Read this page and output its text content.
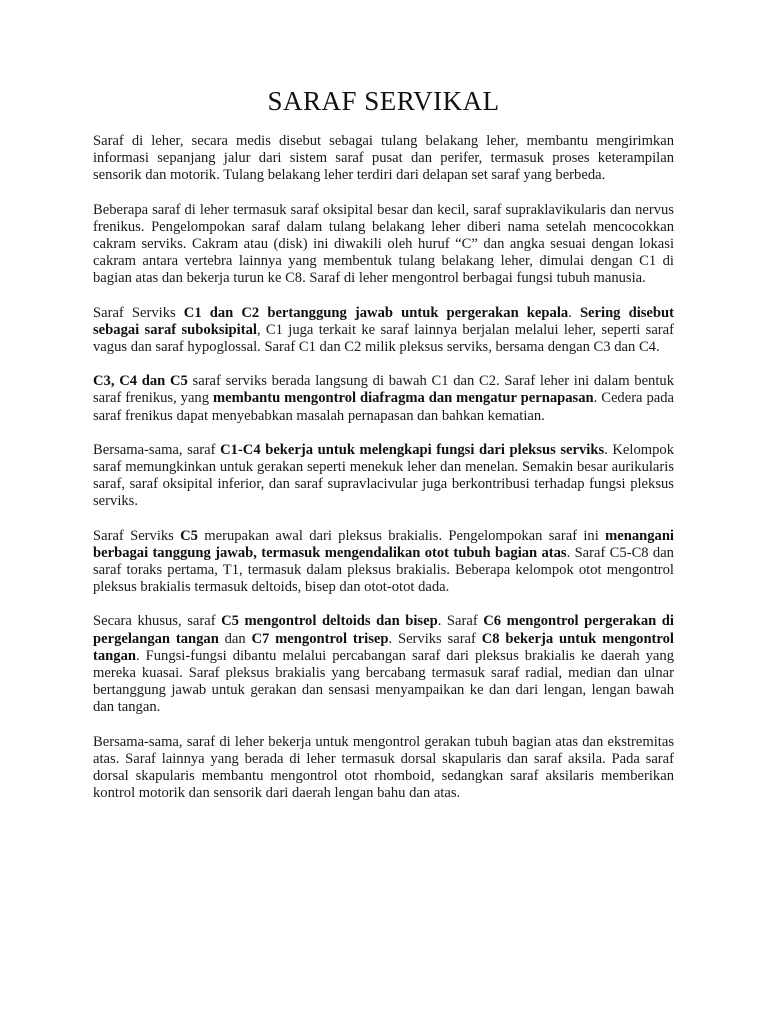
SARAF SERVIKAL

Saraf di leher, secara medis disebut sebagai tulang belakang leher, membantu mengirimkan informasi sepanjang jalur dari sistem saraf pusat dan perifer, termasuk proses keterampilan sensorik dan motorik. Tulang belakang leher terdiri dari delapan set saraf yang berbeda.

Beberapa saraf di leher termasuk saraf oksipital besar dan kecil, saraf supraklavikularis dan nervus frenikus. Pengelompokan saraf dalam tulang belakang leher diberi nama setelah mencocokkan cakram serviks. Cakram atau (disk) ini diwakili oleh huruf “C” dan angka sesuai dengan lokasi cakram antara vertebra lainnya yang membentuk tulang belakang leher, dimulai dengan C1 di bagian atas dan bekerja turun ke C8. Saraf di leher mengontrol berbagai fungsi tubuh manusia.

Saraf Serviks C1 dan C2 bertanggung jawab untuk pergerakan kepala. Sering disebut sebagai saraf suboksipital, C1 juga terkait ke saraf lainnya berjalan melalui leher, seperti saraf vagus dan saraf hypoglossal. Saraf C1 dan C2 milik pleksus serviks, bersama dengan C3 dan C4.

C3, C4 dan C5 saraf serviks berada langsung di bawah C1 dan C2. Saraf leher ini dalam bentuk saraf frenikus, yang membantu mengontrol diafragma dan mengatur pernapasan. Cedera pada saraf frenikus dapat menyebabkan masalah pernapasan dan bahkan kematian.

Bersama-sama, saraf C1-C4 bekerja untuk melengkapi fungsi dari pleksus serviks. Kelompok saraf memungkinkan untuk gerakan seperti menekuk leher dan menelan. Semakin besar aurikularis saraf, saraf oksipital inferior, dan saraf supravlacivular juga berkontribusi terhadap fungsi pleksus serviks.

Saraf Serviks C5 merupakan awal dari pleksus brakialis. Pengelompokan saraf ini menangani berbagai tanggung jawab, termasuk mengendalikan otot tubuh bagian atas. Saraf C5-C8 dan saraf toraks pertama, T1, termasuk dalam pleksus brakialis. Beberapa kelompok otot mengontrol pleksus brakialis termasuk deltoids, bisep dan otot-otot dada.

Secara khusus, saraf C5 mengontrol deltoids dan bisep. Saraf C6 mengontrol pergerakan di pergelangan tangan dan C7 mengontrol trisep. Serviks saraf C8 bekerja untuk mengontrol tangan. Fungsi-fungsi dibantu melalui percabangan saraf dari pleksus brakialis ke daerah yang mereka kuasai. Saraf pleksus brakialis yang bercabang termasuk saraf radial, median dan ulnar bertanggung jawab untuk gerakan dan sensasi menyampaikan ke dan dari lengan, lengan bawah dan tangan.

Bersama-sama, saraf di leher bekerja untuk mengontrol gerakan tubuh bagian atas dan ekstremitas atas. Saraf lainnya yang berada di leher termasuk dorsal skapularis dan saraf aksila. Pada saraf dorsal skapularis membantu mengontrol otot rhomboid, sedangkan saraf aksilaris memberikan kontrol motorik dan sensorik dari daerah lengan bahu dan atas.
